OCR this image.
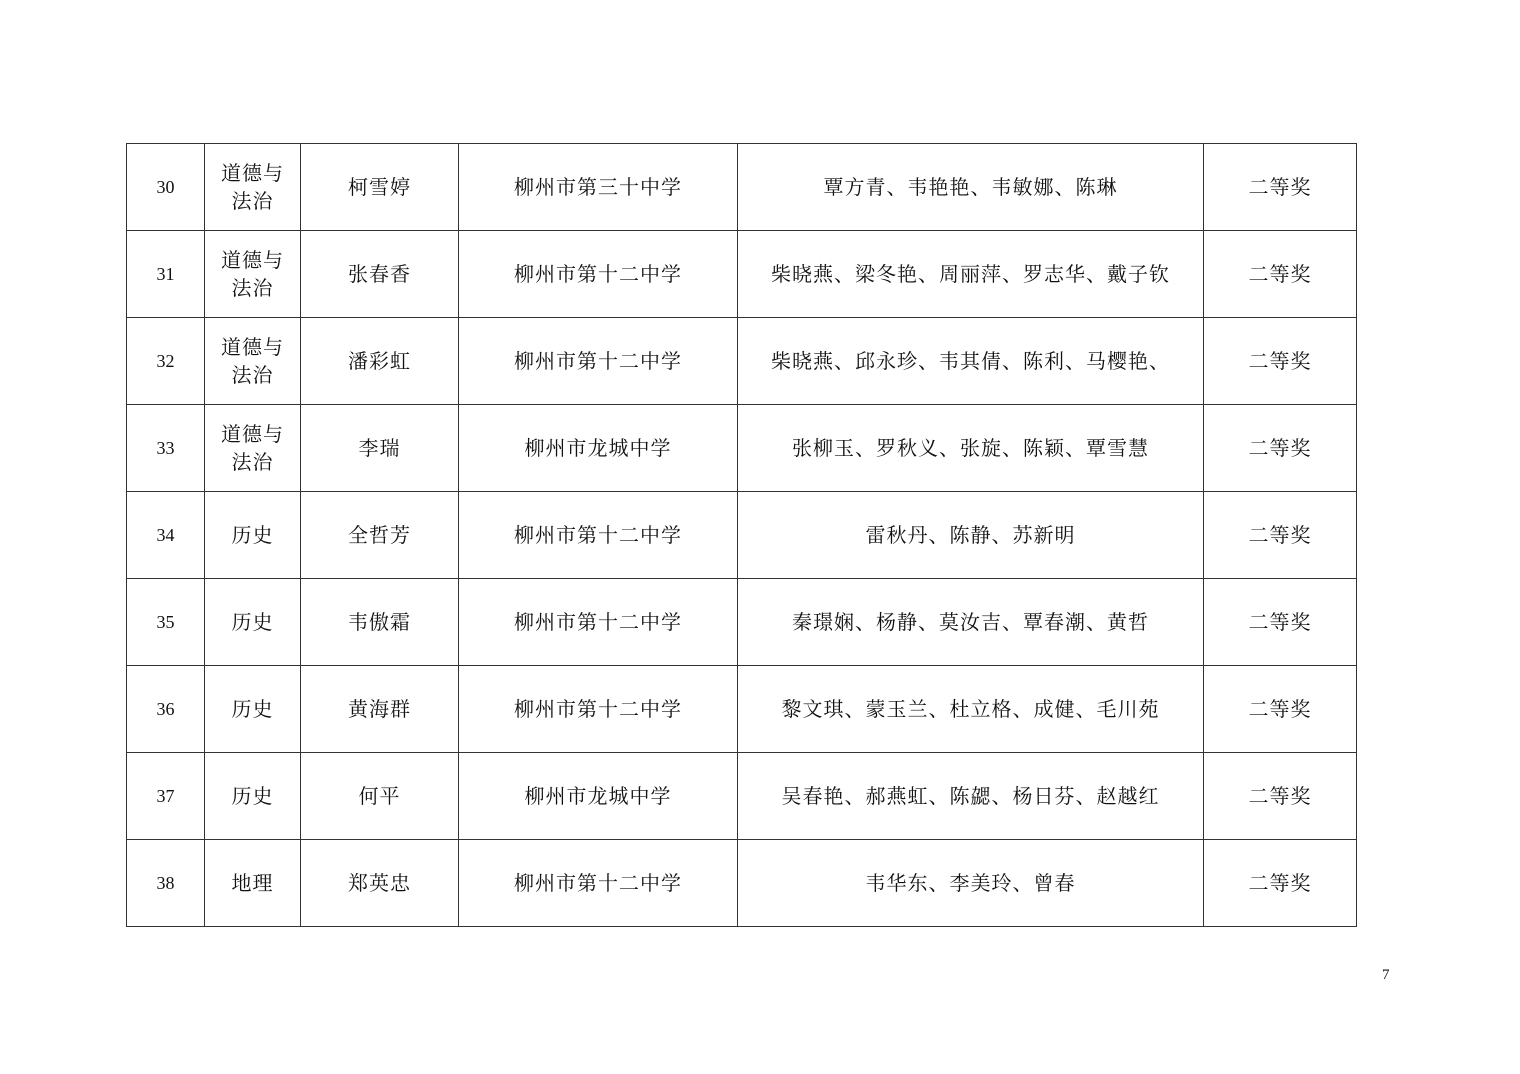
30	道德与法治	柯雪婷	柳州市第三十中学	覃方青、韦艳艳、韦敏娜、陈琳	二等奖
31	道德与法治	张春香	柳州市第十二中学	柴晓燕、梁冬艳、周丽萍、罗志华、戴子钦	二等奖
32	道德与法治	潘彩虹	柳州市第十二中学	柴晓燕、邱永珍、韦其倩、陈利、马樱艳、	二等奖
33	道德与法治	李瑞	柳州市龙城中学	张柳玉、罗秋义、张旋、陈颖、覃雪慧	二等奖
34	历史	全哲芳	柳州市第十二中学	雷秋丹、陈静、苏新明	二等奖
35	历史	韦傲霜	柳州市第十二中学	秦璟娴、杨静、莫汝吉、覃春潮、黄哲	二等奖
36	历史	黄海群	柳州市第十二中学	黎文琪、蒙玉兰、杜立格、成健、毛川苑	二等奖
37	历史	何平	柳州市龙城中学	吴春艳、郝燕虹、陈勰、杨日芬、赵越红	二等奖
38	地理	郑英忠	柳州市第十二中学	韦华东、李美玲、曾春	二等奖
7
